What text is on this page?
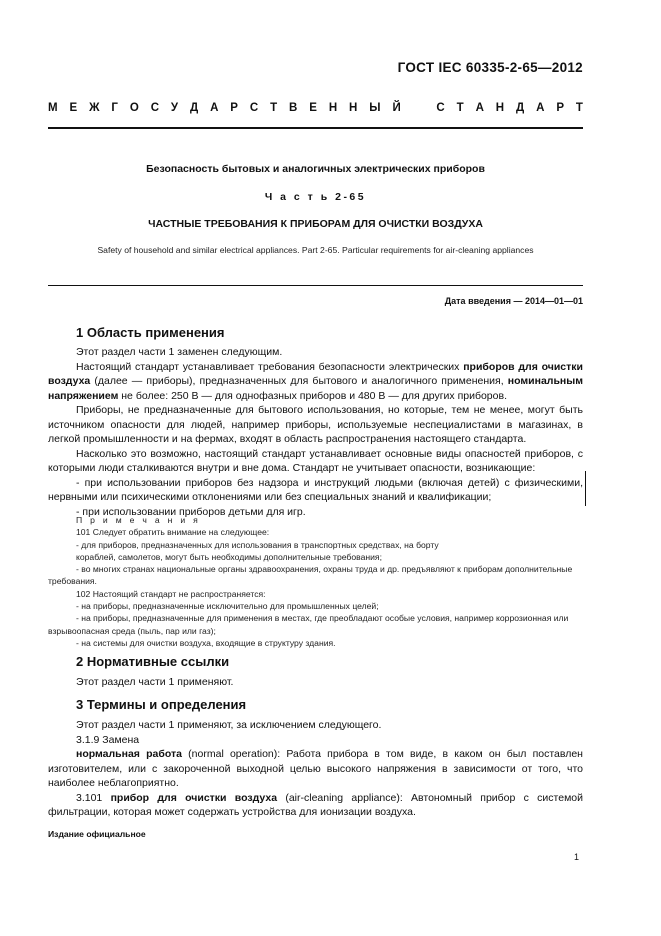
ГОСТ IEC 60335-2-65—2012
М Е Ж Г О С У Д А Р С Т В Е Н Н Ы Й	С Т А Н Д А Р Т
Безопасность бытовых и аналогичных электрических приборов
Ч а с т ь 2-65
ЧАСТНЫЕ ТРЕБОВАНИЯ К ПРИБОРАМ ДЛЯ ОЧИСТКИ ВОЗДУХА
Safety of household and similar electrical appliances. Part 2-65. Particular requirements for air-cleaning appliances
Дата введения — 2014—01—01
1 Область применения
Этот раздел части 1 заменен следующим.
Настоящий стандарт устанавливает требования безопасности электрических приборов для очистки воздуха (далее — приборы), предназначенных для бытового и аналогичного применения, номинальным напряжением не более: 250 В — для однофазных приборов и 480 В — для других приборов.
Приборы, не предназначенные для бытового использования, но которые, тем не менее, могут быть источником опасности для людей, например приборы, используемые неспециалистами в магазинах, в легкой промышленности и на фермах, входят в область распространения настоящего стандарта.
Насколько это возможно, настоящий стандарт устанавливает основные виды опасностей приборов, с которыми люди сталкиваются внутри и вне дома. Стандарт не учитывает опасности, возникающие:
- при использовании приборов без надзора и инструкций людьми (включая детей) с физическими, нервными или психическими отклонениями или без специальных знаний и квалификации;
- при использовании приборов детьми для игр.
П р и м е ч а н и я
101 Следует обратить внимание на следующее:
- для приборов, предназначенных для использования в транспортных средствах, на борту
кораблей, самолетов, могут быть необходимы дополнительные требования;
- во многих странах национальные органы здравоохранения, охраны труда и др. предъявляют к приборам дополнительные требования.
102 Настоящий стандарт не распространяется:
- на приборы, предназначенные исключительно для промышленных целей;
- на приборы, предназначенные для применения в местах, где преобладают особые условия, например коррозионная или взрывоопасная среда (пыль, пар или газ);
- на системы для очистки воздуха, входящие в структуру здания.
2 Нормативные ссылки
Этот раздел части 1 применяют.
3 Термины и определения
Этот раздел части 1 применяют, за исключением следующего.
3.1.9 Замена
нормальная работа (normal operation): Работа прибора в том виде, в каком он был поставлен изготовителем, или с закороченной выходной целью высокого напряжения в зависимости от того, что наиболее неблагоприятно.
3.101 прибор для очистки воздуха (air-cleaning appliance): Автономный прибор с системой фильтрации, которая может содержать устройства для ионизации воздуха.
Издание официальное
1
